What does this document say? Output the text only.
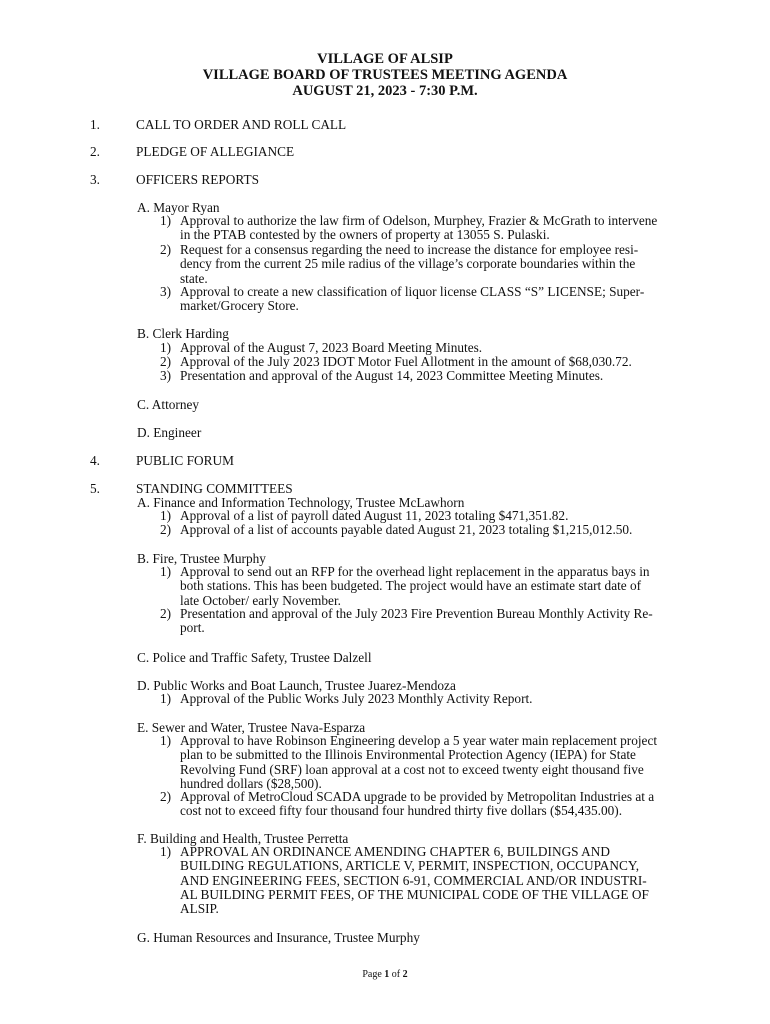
VILLAGE OF ALSIP
VILLAGE BOARD OF TRUSTEES MEETING AGENDA
AUGUST 21, 2023 - 7:30 P.M.
1.	CALL TO ORDER AND ROLL CALL
2.	PLEDGE OF ALLEGIANCE
3.	OFFICERS REPORTS
A. Mayor Ryan
1) Approval to authorize the law firm of Odelson, Murphey, Frazier & McGrath to intervene
in the PTAB contested by the owners of property at 13055 S. Pulaski.
2) Request for a consensus regarding the need to increase the distance for employee resi-
dency from the current 25 mile radius of the village’s corporate boundaries within the
state.
3) Approval to create a new classification of liquor license CLASS “S” LICENSE; Super-
market/Grocery Store.
B. Clerk Harding
1) Approval of the August 7, 2023 Board Meeting Minutes.
2) Approval of the July 2023 IDOT Motor Fuel Allotment in the amount of $68,030.72.
3) Presentation and approval of the August 14, 2023 Committee Meeting Minutes.
C. Attorney
D. Engineer
4.	PUBLIC FORUM
5.	STANDING COMMITTEES
A. Finance and Information Technology, Trustee McLawhorn
1) Approval of a list of payroll dated August 11, 2023 totaling $471,351.82.
2) Approval of a list of accounts payable dated August 21, 2023 totaling $1,215,012.50.
B. Fire, Trustee Murphy
1) Approval to send out an RFP for the overhead light replacement in the apparatus bays in
both stations. This has been budgeted. The project would have an estimate start date of
late October/ early November.
2) Presentation and approval of the July 2023 Fire Prevention Bureau Monthly Activity Re-
port.
C. Police and Traffic Safety, Trustee Dalzell
D. Public Works and Boat Launch, Trustee Juarez-Mendoza
1) Approval of the Public Works July 2023 Monthly Activity Report.
E. Sewer and Water, Trustee Nava-Esparza
1) Approval to have Robinson Engineering develop a 5 year water main replacement project
plan to be submitted to the Illinois Environmental Protection Agency (IEPA) for State
Revolving Fund (SRF) loan approval at a cost not to exceed twenty eight thousand five
hundred dollars ($28,500).
2) Approval of MetroCloud SCADA upgrade to be provided by Metropolitan Industries at a
cost not to exceed fifty four thousand four hundred thirty five dollars ($54,435.00).
F. Building and Health, Trustee Perretta
1) APPROVAL AN ORDINANCE AMENDING CHAPTER 6, BUILDINGS AND
BUILDING REGULATIONS, ARTICLE V, PERMIT, INSPECTION, OCCUPANCY,
AND ENGINEERING FEES, SECTION 6-91, COMMERCIAL AND/OR INDUSTRI-
AL BUILDING PERMIT FEES, OF THE MUNICIPAL CODE OF THE VILLAGE OF
ALSIP.
G. Human Resources and Insurance, Trustee Murphy
Page 1 of 2
